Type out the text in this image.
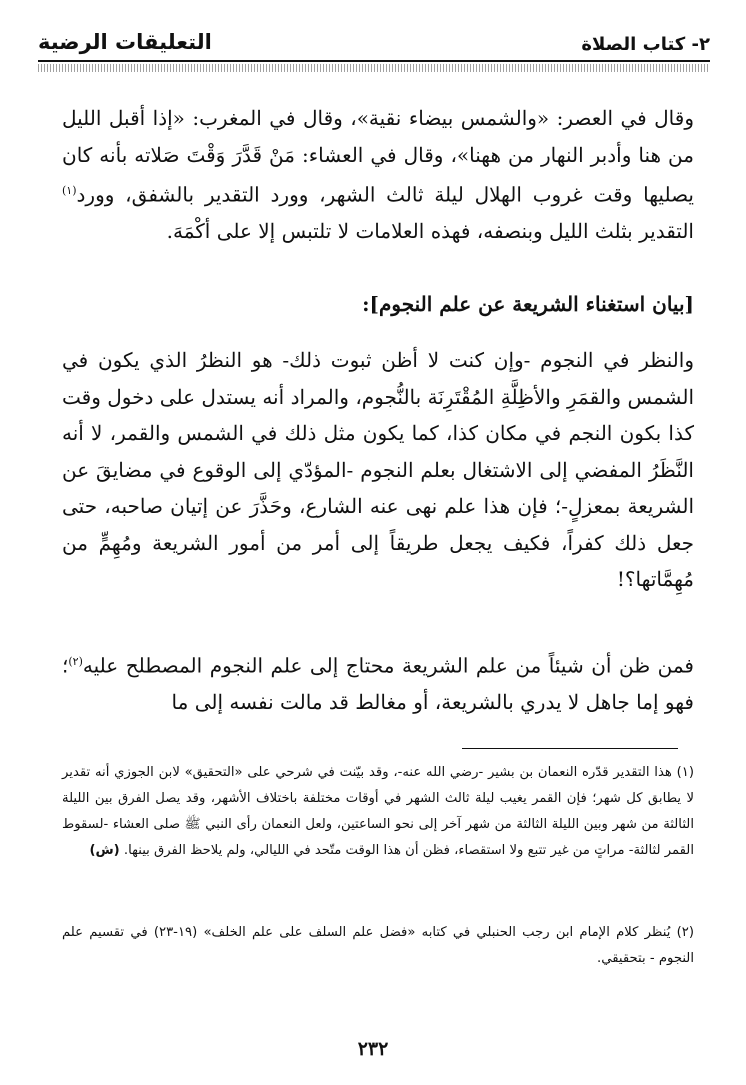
٢- كتاب الصلاة
التعليقات الرضية
وقال في العصر: «والشمس بيضاء نقية»، وقال في المغرب: «إذا أقبل الليل من هنا وأدبر النهار من ههنا»، وقال في العشاء: مَنْ قَدَّرَ وَقْتَ صَلاته بأنه كان يصليها وقت غروب الهلال ليلة ثالث الشهر، وورد التقدير بالشفق، وورد$^{(١)}$ التقدير بثلث الليل وبنصفه، فهذه العلامات لا تلتبس إلا على أكْمَهَ.
[بيان استغناء الشريعة عن علم النجوم]:
والنظر في النجوم -وإن كنت لا أظن ثبوت ذلك- هو النظرُ الذي يكون في الشمس والقمَرِ والأظِلَّةِ المُقْتَرِنَة بالنُّجوم، والمراد أنه يستدل على دخول وقت كذا بكون النجم في مكان كذا، كما يكون مثل ذلك في الشمس والقمر، لا أنه النَّظَرُ المفضي إلى الاشتغال بعلم النجوم -المؤدّي إلى الوقوع في مضايقَ عن الشريعة بمعزلٍ-؛ فإن هذا علم نهى عنه الشارع، وحَذَّرَ عن إتيان صاحبه، حتى جعل ذلك كفراً، فكيف يجعل طريقاً إلى أمر من أمور الشريعة ومُهِمٍّ من مُهِمَّاتها؟!
فمن ظن أن شيئاً من علم الشريعة محتاج إلى علم النجوم المصطلح عليه$^{(٢)}$؛ فهو إما جاهل لا يدري بالشريعة، أو مغالط قد مالت نفسه إلى ما
(١) هذا التقدير قدّره النعمان بن بشير -رضي الله عنه-، وقد بيّنت في شرحي على «التحقيق» لابن الجوزي أنه تقدير لا يطابق كل شهر؛ فإن القمر يغيب ليلة ثالث الشهر في أوقات مختلفة باختلاف الأشهر، وقد يصل الفرق بين الليلة الثالثة من شهر وبين الليلة الثالثة من شهر آخر إلى نحو الساعتين، ولعل النعمان رأى النبي ﷺ صلى العشاء -لسقوط القمر لثالثة- مراتٍ من غير تتبع ولا استقصاء، فظن أن هذا الوقت متّحد في الليالي، ولم يلاحظ الفرق بينها. (ش)
(٢) يُنظر كلام الإمام ابن رجب الحنبلي في كتابه «فضل علم السلف على علم الخلف» (١٩-٢٣) في تقسيم علم النجوم - بتحقيقي.
٢٣٢
